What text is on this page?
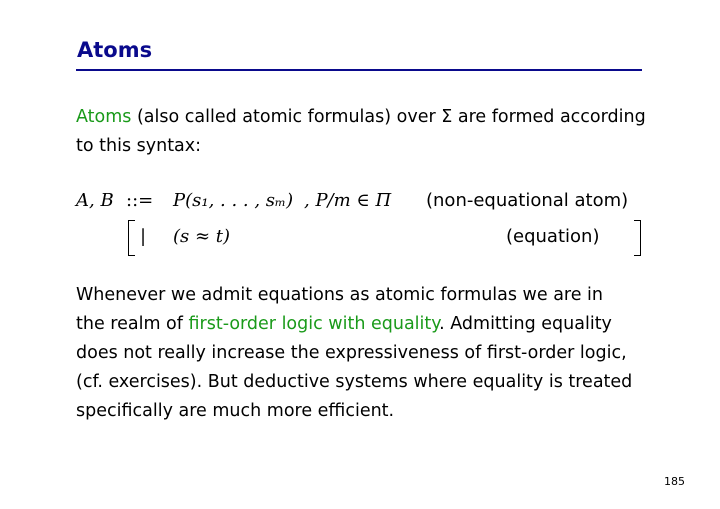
Atoms
Atoms (also called atomic formulas) over Σ are formed according
to this syntax:
A, B ::= P(s₁, . . . , sₘ) , P/m ∈ Π (non-equational atom)
| (s ≈ t)	(equation)
Whenever we admit equations as atomic formulas we are in
the realm of first-order logic with equality. Admitting equality
does not really increase the expressiveness of first-order logic,
(cf. exercises). But deductive systems where equality is treated
specifically are much more efficient.
185
